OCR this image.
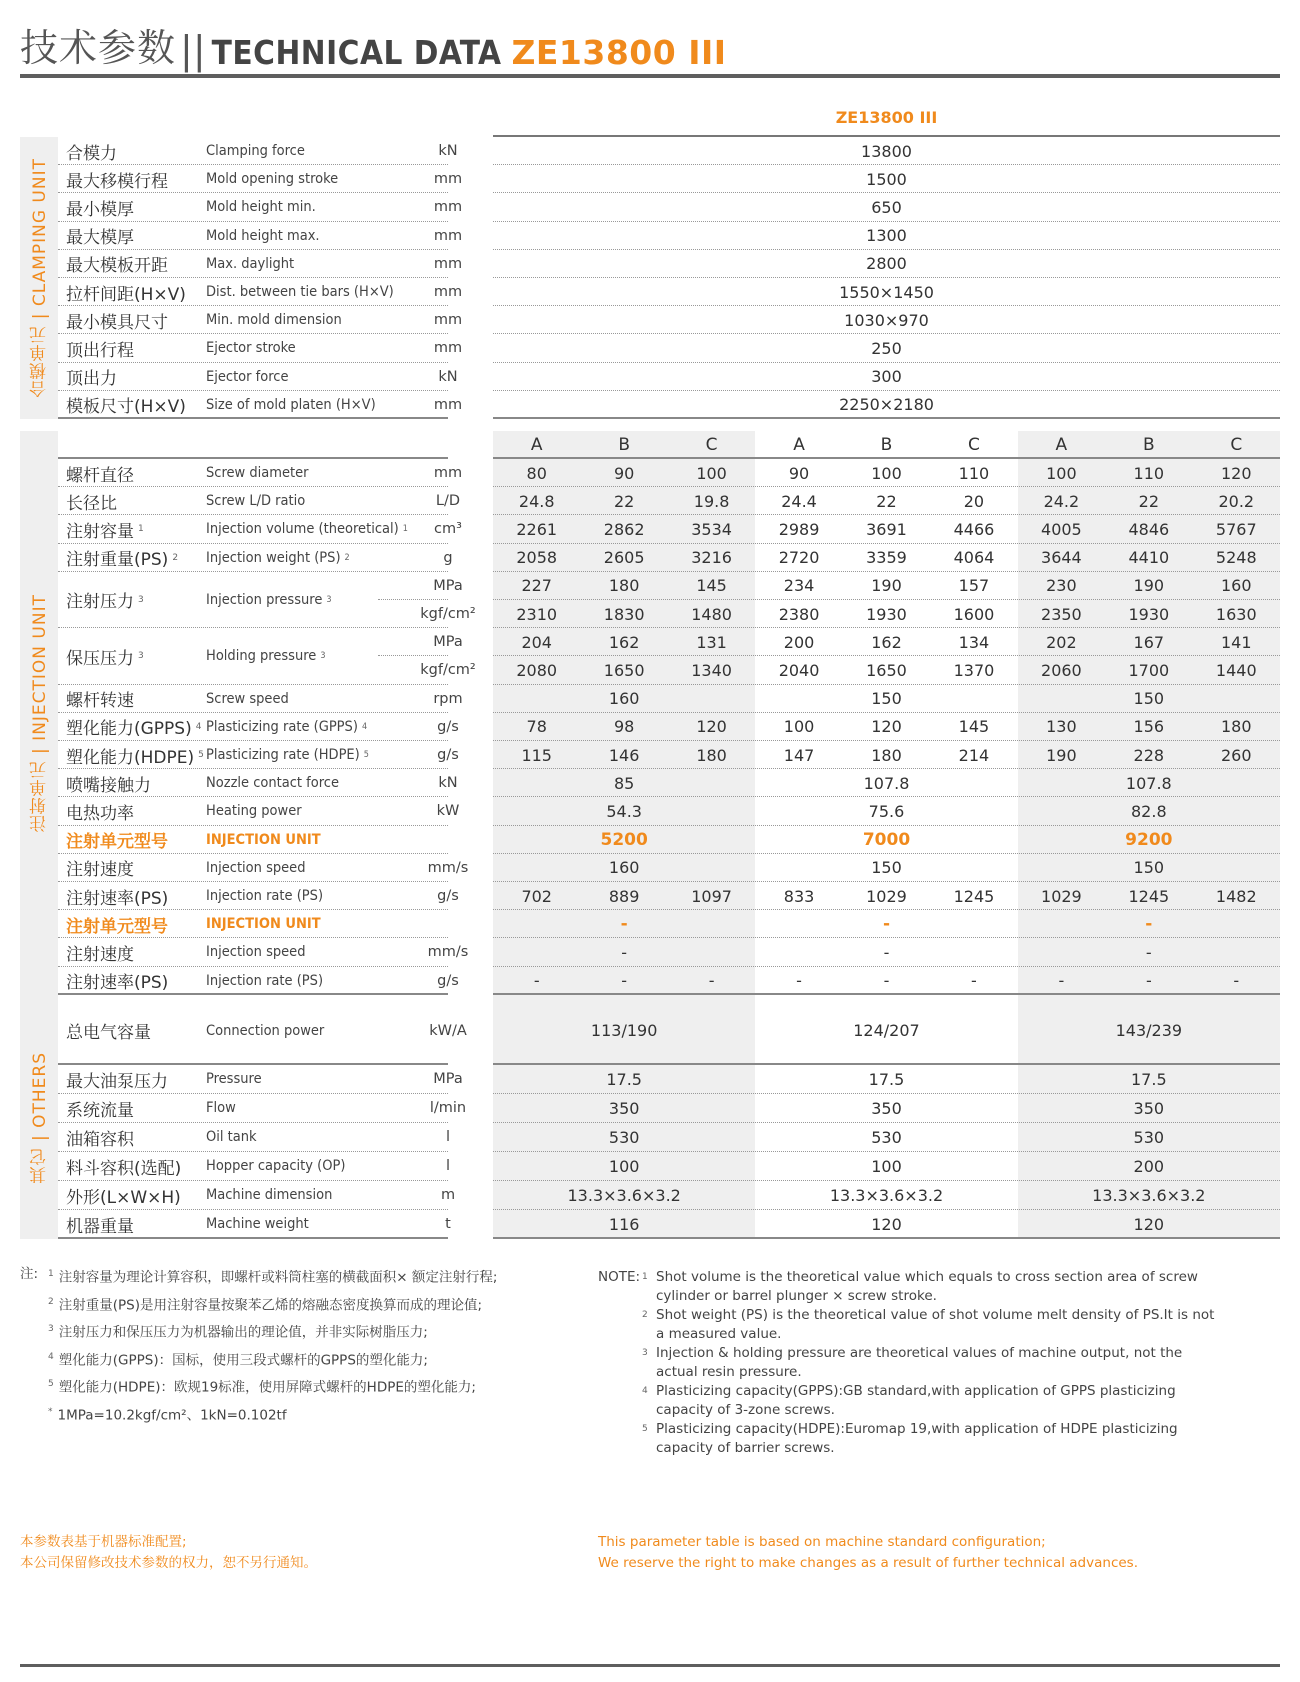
技术参数 || TECHNICAL DATA ZE13800 III
ZE13800 III
合模力	Clamping force	kN	13800
最大移模行程	Mold opening stroke	mm	1500
最小模厚	Mold height min.	mm	650
最大模厚	Mold height max.	mm	1300
最大模板开距	Max. daylight	mm	2800
拉杆间距(H×V) Dist. between tie bars (H×V)	mm	1550×1450
最小模具尺寸	Min. mold dimension	mm	1030×970
顶出行程	Ejector stroke	mm	250
顶出力	Ejector force	kN	300
模板尺寸(H×V) Size of mold platen (H×V)	mm	2250×2180
A	B	C	A	B	C	A	B	C
螺杆直径	Screw diameter	mm	80	90	100	90	100	110	100	110	120
长径比	Screw L/D ratio	L/D	24.8	22	19.8	24.4	22	20	24.2	22	20.2
注射容量 1	Injection volume (theoretical) 1	cm³	2261	2862	3534	2989	3691	4466	4005	4846	5767
注射重量(PS) 2 Injection weight (PS) 2	g	2058	2605	3216	2720	3359	4064	3644	4410	5248
注射压力 3	Injection pressure 3
MPa	227	180	145	234	190	157	230	190	160
kgf/cm²	2310	1830	1480	2380	1930	1600	2350	1930	1630
保压压力 3	Holding pressure 3
MPa	204	162	131	200	162	134	202	167	141
kgf/cm²	2080	1650	1340	2040	1650	1370	2060	1700	1440
螺杆转速	Screw speed	rpm	160	150	150
塑化能力(GPPS) 4 Plasticizing rate (GPPS) 4	g/s	78	98	120	100	120	145	130	156	180
塑化能力(HDPE) 5 Plasticizing rate (HDPE) 5	g/s	115	146	180	147	180	214	190	228	260
喷嘴接触力	Nozzle contact force	kN	85	107.8	107.8
电热功率	Heating power	kW	54.3	75.6	82.8
注射单元型号	INJECTION UNIT	5200	7000	9200
注射速度	Injection speed	mm/s	160	150	150
注射速率(PS)	Injection rate (PS)	g/s	702	889	1097	833	1029	1245	1029	1245	1482
注射单元型号	INJECTION UNIT	-	-	-
注射速度	Injection speed	mm/s	-	-	-
注射速率(PS)	Injection rate (PS)	g/s	-	-	-	-	-	-	-	-	-
总电气容量	Connection power	kW/A	113/190	124/207	143/239
最大油泵压力	Pressure	MPa	17.5	17.5	17.5
系统流量	Flow	l/min	350	350	350
油箱容积	Oil tank	l	530	530	530
料斗容积(选配) Hopper capacity (OP)	l	100	100	200
外形(L×W×H) Machine dimension	m	13.3×3.6×3.2	13.3×3.6×3.2	13.3×3.6×3.2
机器重量	Machine weight	t	116	120	120
合模单元 | CLAMPING UNIT
注射单元 | INJECTION UNIT
其它 | OTHERS
注: $^1$ 注射容量为理论计算容积，即螺杆或料筒柱塞的横截面积× 额定注射行程;
$^2$ 注射重量(PS)是用注射容量按聚苯乙烯的熔融态密度换算而成的理论值;
$^3$ 注射压力和保压压力为机器输出的理论值，并非实际树脂压力;
$^4$ 塑化能力(GPPS)：国标，使用三段式螺杆的GPPS的塑化能力;
$^5$ 塑化能力(HDPE)：欧规19标准，使用屏障式螺杆的HDPE的塑化能力;
* 1MPa=10.2kgf/cm²、1kN=0.102tf
NOTE: 1 Shot volume is the theoretical value which equals to cross section area of screw
cylinder or barrel plunger × screw stroke.
2 Shot weight (PS) is the theoretical value of shot volume melt density of PS.It is not
a measured value.
3 Injection & holding pressure are theoretical values of machine output, not the
actual resin pressure.
4 Plasticizing capacity(GPPS):GB standard,with application of GPPS plasticizing
capacity of 3-zone screws.
5 Plasticizing capacity(HDPE):Euromap 19,with application of HDPE plasticizing
capacity of barrier screws.
本参数表基于机器标准配置;
本公司保留修改技术参数的权力，恕不另行通知。
This parameter table is based on machine standard configuration;
We reserve the right to make changes as a result of further technical advances.
